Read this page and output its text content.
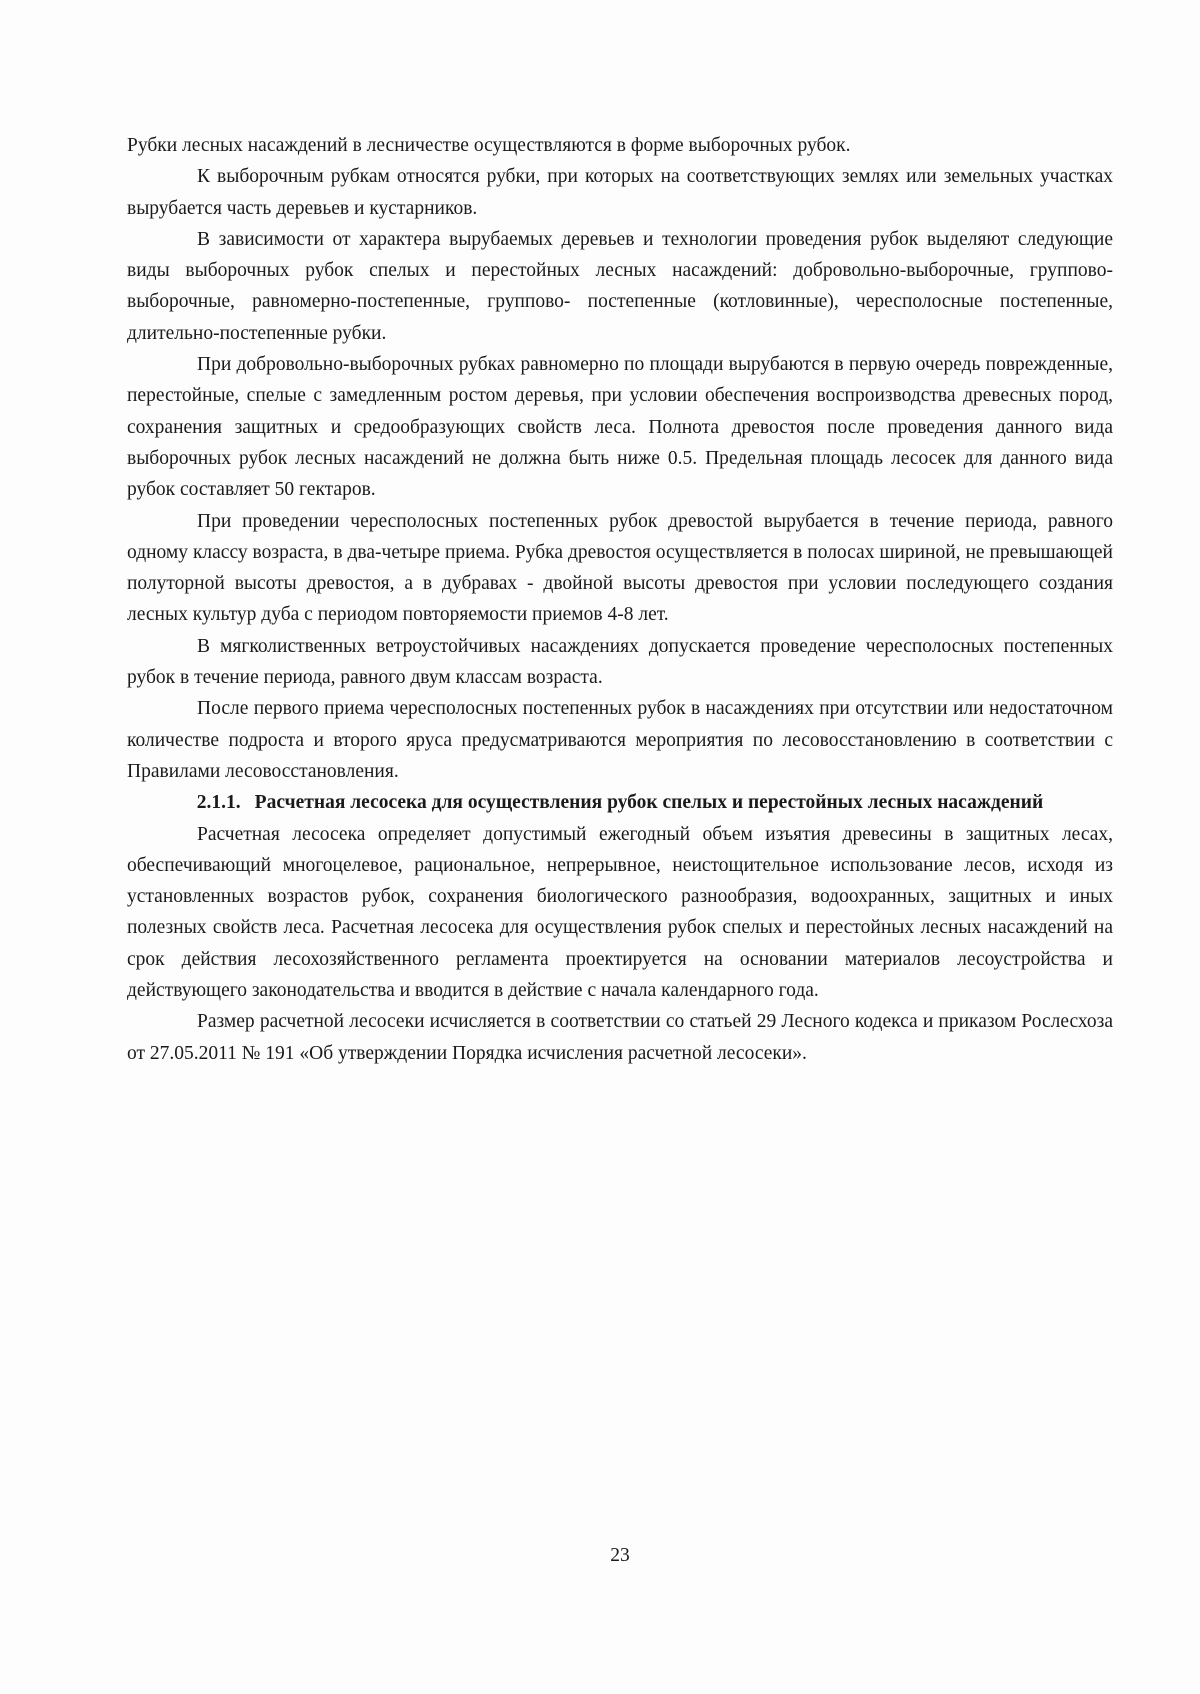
Рубки лесных насаждений в лесничестве осуществляются в форме выборочных рубок.

К выборочным рубкам относятся рубки, при которых на соответствующих землях или земельных участках вырубается часть деревьев и кустарников.

В зависимости от характера вырубаемых деревьев и технологии проведения рубок выделяют следующие виды выборочных рубок спелых и перестойных лесных насаждений: добровольно-выборочные, группово-выборочные, равномерно-постепенные, группово- постепенные (котловинные), чересполосные постепенные, длительно-постепенные рубки.

При добровольно-выборочных рубках равномерно по площади вырубаются в первую очередь поврежденные, перестойные, спелые с замедленным ростом деревья, при условии обеспечения воспроизводства древесных пород, сохранения защитных и средообразующих свойств леса. Полнота древостоя после проведения данного вида выборочных рубок лесных насаждений не должна быть ниже 0.5. Предельная площадь лесосек для данного вида рубок составляет 50 гектаров.

При проведении чересполосных постепенных рубок древостой вырубается в течение периода, равного одному классу возраста, в два-четыре приема. Рубка древостоя осуществляется в полосах шириной, не превышающей полуторной высоты древостоя, а в дубравах - двойной высоты древостоя при условии последующего создания лесных культур дуба с периодом повторяемости приемов 4-8 лет.

В мягколиственных ветроустойчивых насаждениях допускается проведение чересполосных постепенных рубок в течение периода, равного двум классам возраста.

После первого приема чересполосных постепенных рубок в насаждениях при отсутствии или недостаточном количестве подроста и второго яруса предусматриваются мероприятия по лесовосстановлению в соответствии с Правилами лесовосстановления.

2.1.1. Расчетная лесосека для осуществления рубок спелых и перестойных лесных насаждений

Расчетная лесосека определяет допустимый ежегодный объем изъятия древесины в защитных лесах, обеспечивающий многоцелевое, рациональное, непрерывное, неистощительное использование лесов, исходя из установленных возрастов рубок, сохранения биологического разнообразия, водоохранных, защитных и иных полезных свойств леса. Расчетная лесосека для осуществления рубок спелых и перестойных лесных насаждений на срок действия лесохозяйственного регламента проектируется на основании материалов лесоустройства и действующего законодательства и вводится в действие с начала календарного года.

Размер расчетной лесосеки исчисляется в соответствии со статьей 29 Лесного кодекса и приказом Рослесхоза от 27.05.2011 № 191 «Об утверждении Порядка исчисления расчетной лесосеки».

23
